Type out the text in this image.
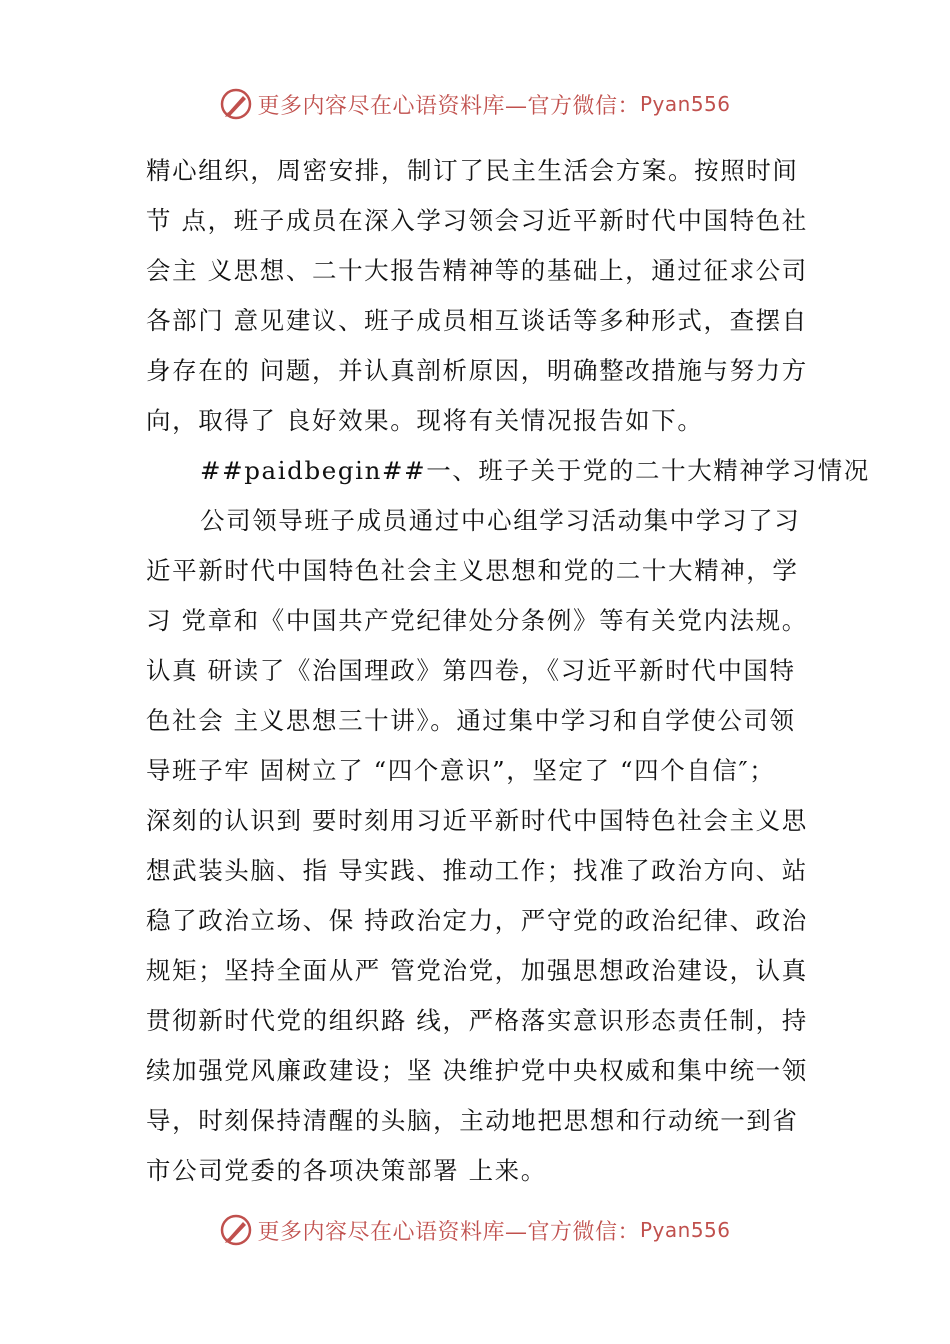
更多内容尽在心语资料库—官方微信： Pyan556
精心组织，周密安排，制订了民主生活会方案。按照时间
节 点，班子成员在深入学习领会习近平新时代中国特色社
会主 义思想、二十大报告精神等的基础上，通过征求公司
各部门 意见建议、班子成员相互谈话等多种形式，查摆自
身存在的 问题，并认真剖析原因，明确整改措施与努力方
向，取得了 良好效果。现将有关情况报告如下。
##paidbegin##一、班子关于党的二十大精神学习情况
公司领导班子成员通过中心组学习活动集中学习了习
近平新时代中国特色社会主义思想和党的二十大精神，学
习 党章和《中国共产党纪律处分条例》等有关党内法规。
认真 研读了《治国理政》第四卷，《习近平新时代中国特
色社会 主义思想三十讲》。通过集中学习和自学使公司领
导班子牢 固树立了 “四个意识”，坚定了 “四个自信″；
深刻的认识到 要时刻用习近平新时代中国特色社会主义思
想武装头脑、指 导实践、推动工作；找准了政治方向、站
稳了政治立场、保 持政治定力，严守党的政治纪律、政治
规矩；坚持全面从严 管党治党，加强思想政治建设，认真
贯彻新时代党的组织路 线，严格落实意识形态责任制，持
续加强党风廉政建设；坚 决维护党中央权威和集中统一领
导，时刻保持清醒的头脑，主动地把思想和行动统一到省
市公司党委的各项决策部署 上来。
更多内容尽在心语资料库—官方微信： Pyan556
